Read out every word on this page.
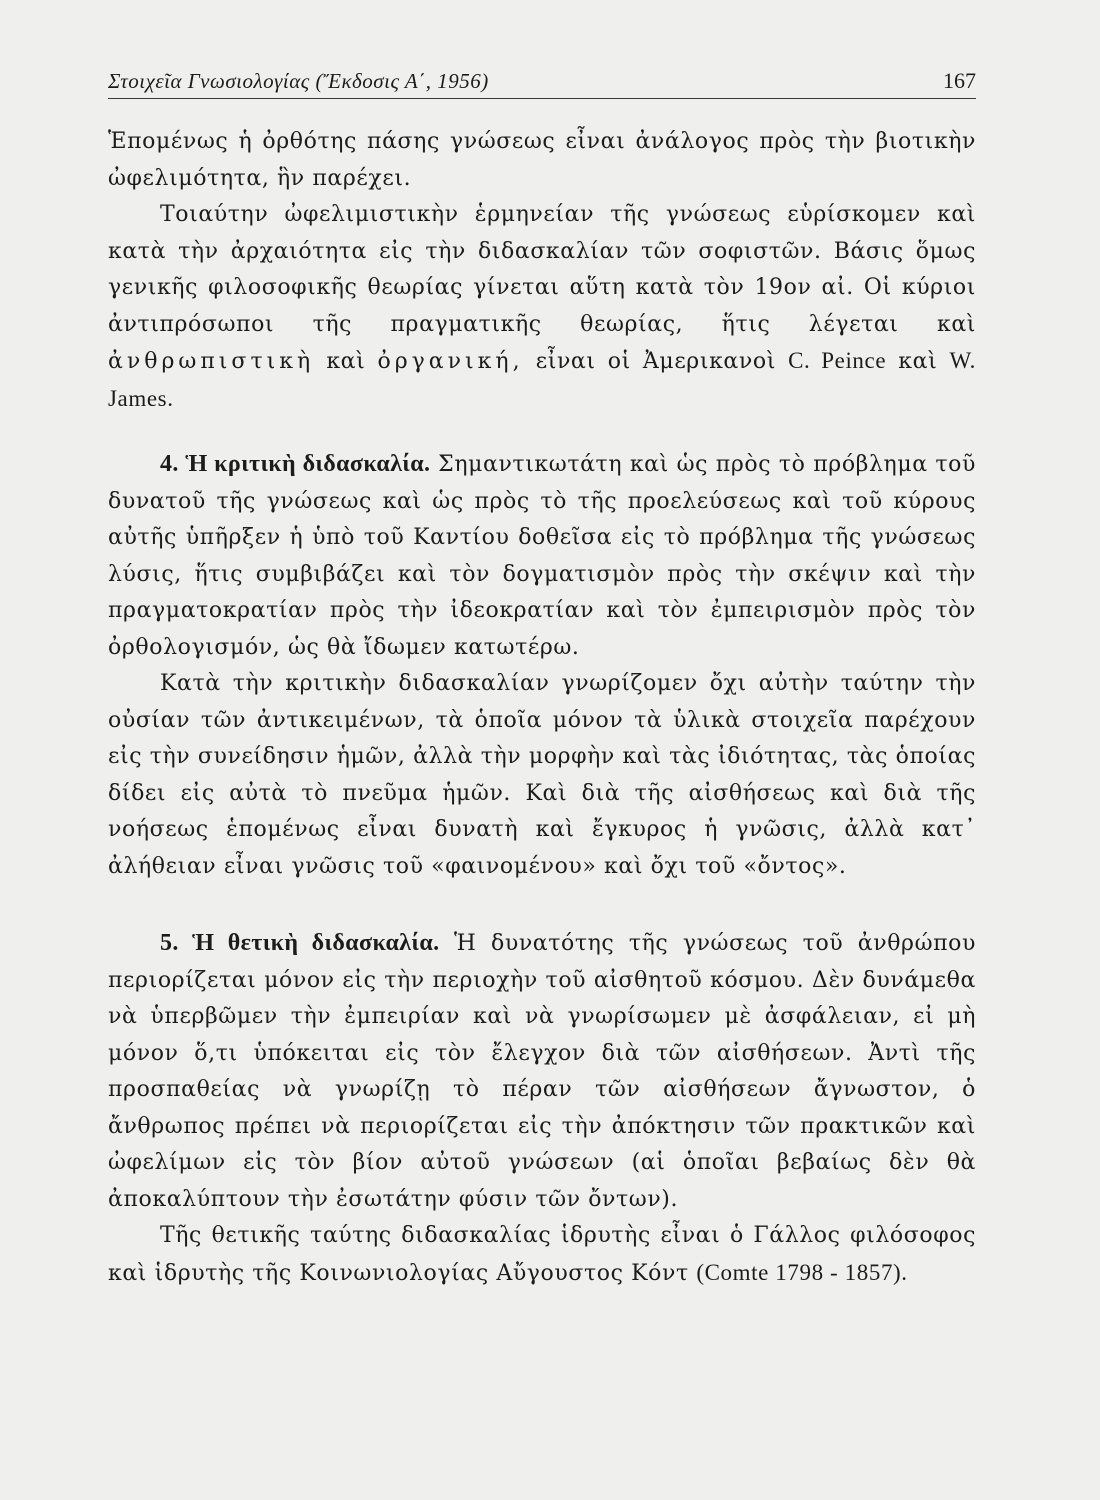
Στοιχεῖα Γνωσιολογίας (Ἔκδοσις Α΄, 1956)	167

Ἑπομένως ἡ ὀρθότης πάσης γνώσεως εἶναι ἀνάλογος πρὸς τὴν βιοτικὴν ὠφελιμότητα, ἣν παρέχει.

Τοιαύτην ὠφελιμιστικὴν ἑρμηνείαν τῆς γνώσεως εὑρίσκομεν καὶ κατὰ τὴν ἀρχαιότητα εἰς τὴν διδασκαλίαν τῶν σοφιστῶν. Βάσις ὅμως γενικῆς φιλοσοφικῆς θεωρίας γίνεται αὕτη κατὰ τὸν 19ον αἰ. Οἱ κύριοι ἀντιπρόσωποι τῆς πραγματικῆς θεωρίας, ἥτις λέγεται καὶ ἀνθρωπιστικὴ καὶ ὀργανική, εἶναι οἱ Ἀμερικανοὶ C. Peince καὶ W. James.

4. Ἡ κριτικὴ διδασκαλία. Σημαντικωτάτη καὶ ὡς πρὸς τὸ πρόβλημα τοῦ δυνατοῦ τῆς γνώσεως καὶ ὡς πρὸς τὸ τῆς προελεύσεως καὶ τοῦ κύρους αὐτῆς ὑπῆρξεν ἡ ὑπὸ τοῦ Καντίου δοθεῖσα εἰς τὸ πρόβλημα τῆς γνώσεως λύσις, ἥτις συμβιβάζει καὶ τὸν δογματισμὸν πρὸς τὴν σκέψιν καὶ τὴν πραγματοκρατίαν πρὸς τὴν ἰδεοκρατίαν καὶ τὸν ἐμπειρισμὸν πρὸς τὸν ὀρθολογισμόν, ὡς θὰ ἴδωμεν κατωτέρω.

Κατὰ τὴν κριτικὴν διδασκαλίαν γνωρίζομεν ὄχι αὐτὴν ταύτην τὴν οὐσίαν τῶν ἀντικειμένων, τὰ ὁποῖα μόνον τὰ ὑλικὰ στοιχεῖα παρέχουν εἰς τὴν συνείδησιν ἡμῶν, ἀλλὰ τὴν μορφὴν καὶ τὰς ἰδιότητας, τὰς ὁποίας δίδει εἰς αὐτὰ τὸ πνεῦμα ἡμῶν. Καὶ διὰ τῆς αἰσθήσεως καὶ διὰ τῆς νοήσεως ἑπομένως εἶναι δυνατὴ καὶ ἔγκυρος ἡ γνῶσις, ἀλλὰ κατ᾽ ἀλήθειαν εἶναι γνῶσις τοῦ «φαινομένου» καὶ ὄχι τοῦ «ὄντος».

5. Ἡ θετικὴ διδασκαλία. Ἡ δυνατότης τῆς γνώσεως τοῦ ἀνθρώπου περιορίζεται μόνον εἰς τὴν περιοχὴν τοῦ αἰσθητοῦ κόσμου. Δὲν δυνάμεθα νὰ ὑπερβῶμεν τὴν ἐμπειρίαν καὶ νὰ γνωρίσωμεν μὲ ἀσφάλειαν, εἰ μὴ μόνον ὅ,τι ὑπόκειται εἰς τὸν ἔλεγχον διὰ τῶν αἰσθήσεων. Ἀντὶ τῆς προσπαθείας νὰ γνωρίζῃ τὸ πέραν τῶν αἰσθήσεων ἄγνωστον, ὁ ἄνθρωπος πρέπει νὰ περιορίζεται εἰς τὴν ἀπόκτησιν τῶν πρακτικῶν καὶ ὠφελίμων εἰς τὸν βίον αὐτοῦ γνώσεων (αἱ ὁποῖαι βεβαίως δὲν θὰ ἀποκαλύπτουν τὴν ἐσωτάτην φύσιν τῶν ὄντων).

Τῆς θετικῆς ταύτης διδασκαλίας ἱδρυτὴς εἶναι ὁ Γάλλος φιλόσοφος καὶ ἱδρυτὴς τῆς Κοινωνιολογίας Αὔγουστος Κόντ (Comte 1798 - 1857).
